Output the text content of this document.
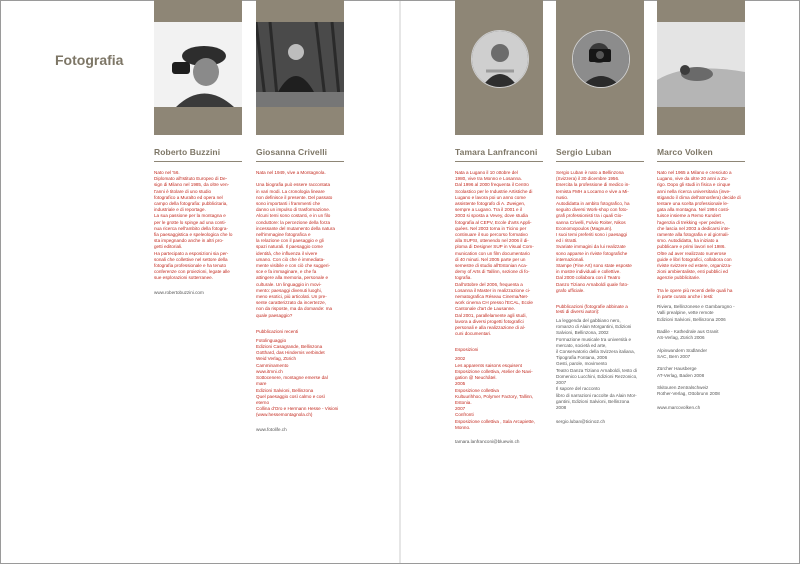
Fotografia
Roberto Buzzini

Nato nel '56.
Diplomato all'Istituto Europeo di De-
sign di Milano nel 1985, da oltre ven-
t'anni è titolare di uno studio
fotografico a Muralto ed opera nel
campo della fotografia: pubblicitaria,
industriale e di reportage.
La sua passione per la montagna e
per le grotte lo spinge ad una conti-
nua ricerca nell'ambito della fotogra-
fia paesaggistica e speleologica che lo
sta impegnando anche in altri pro-
getti editoriali.
Ha partecipato a esposizioni sia per-
sonali che collettive nel settore della
fotografia professionale e ha tenuto
conferenze con proiezioni, legate alle
sue esplorazioni sotterranee.

www.robertobuzzini.com

Giosanna Crivelli

Nata nel 1949, vive a Montagnola.

Una biografia può essere raccontata
in vari modi. La cronologia lineare
non definisce il presente. Del passato
sono importanti i frammenti che
danno un impulso di trasformazione.
Alcuni temi sono costanti, e in un filo
conduttore: la percezione della forza
incessante del mutamento della natura
nell'immagine fotografica e
la relazione con il paesaggio e gli
spazi naturali. Il paesaggio come
identità, che influenza il vivere
umano. Con ciò che è immediata-
mente visibile e con ciò che suggeri-
sce e fa immaginare, e che fa
attingere alla memoria, personale e
culturale. Un linguaggio in movi-
mento: paesaggi divenuti luoghi,
meno esotici, più articolati. Un pre-
sente caratterizzato da incertezze,
non da risposte, ma da domande: ma
quale paesaggio?

Pubblicazioni recenti

Fotolinguaggio
Edizioni Casagrande, Bellinzona
Gotthard, das Hindernis verbindet
Weid Verlag, Zürich
Camminamento
www.itmni.ch
Sottocenere, montagne emerse dal
mare
Edizioni Salvioni, Bellinzona
Quel paesaggio così calmo e così
eterno
Collina d'Oro e Hermann Hesse - Visioni
(www.hessemontagnola.ch)

www.fotolife.ch

Tamara Lanfranconi

Nata a Lugano il 10 ottobre del
1980, vive tra Monno e Losanna.
Dal 1996 al 2000 frequenta il Centro
Scolastico per le Industrie Artistiche di
Lugano e lavora poi un anno come
assistente fotografo di A. Zweigen,
sempre a Lugano. Tra il 2001 e il
2003 si sposta a Vevey, dove studia
fotografia al CEPV, Ecole d'arts Appli-
quées. Nel 2003 torna in Ticino per
continuare il suo percorso formativo
alla SUPSI, ottenendo nel 2006 il di-
ploma di Designer SUP in Visual Com-
munication con un film documentario
di 40 minuti. Nel 2005 parte per un
semestre di studio all'Estonian Aca-
demy of Arts di Tallinn, sezione di fo-
tografia.
Dall'ottobre del 2006, frequenta a
Losanna il Master in realizzazione ci-
nematografica Réseau Cinema/Net-
work cinema CH presso l'ECAL, Ecole
Cantonale d'art de Lausanne.
Dal 2001, parallelamente agli studi,
lavora a diversi progetti fotografici
personali e alla realizzazione di al-
cuni documentari.

Esposizioni

2002
Les apparents saisons esquisent
Esposizione collettiva, Atelier de Navi-
gation @ Neuchâtel.
2005
Esposizione collettiva
Kultuurihhoo, Polymer Factory, Tallinn,
Estonia.
2007
Confronti
Esposizione collettiva , Sala Arcapiette,
Monno.

tamara.lanfranconi@bluewin.ch

Sergio Luban

Sergio Luban è nato a Bellinzona
(Svizzera) il 30 dicembre 1956.
Esercita la professione di medico in-
ternista FMH a Locarno e vive a Mi-
nusio.
Autodidatta in ambito fotografico, ha
seguito diversi Work-shop con foto-
grafi professionisti tra i quali Gio-
sanna Crivelli, Fulvio Roiter, Nikos
Economopoulos (Magnum).
I suoi temi preferiti sono i paesaggi
ed i ritratti.
Svariate immagini da lui realizzate
sono apparse in riviste fotografiche
internazionali.
Stampe (Fine Art) sono state esposte
in mostre individuali e collettive.
Dal 2000 collabora con il Teatro
Danzo Tiziano Arnaboldi quale foto-
grafo ufficiale.

Pubblicazioni (fotografie abbinate a
testi di diversi autori):

La leggenda del gabbiano nero,
romanzo di Alain Morgantini, Edizioni
Salvioni, Bellinzona, 2002
Formazione musicale tra università e
mercato, società ed arte,
il Conservatorio della Svizzera italiana,
Tipografia Fontana, 2006
Gesti, parole, movimento
Teatro Danza Tiziano Arnaboldi, testo di
Domenico Lucchini, Edizioni Rezzonico,
2007
Il sapore del racconto
libro di narrazioni raccolte da Alain Mor-
gantini, Edizioni Salvioni, Bellinzona
2008

sergio.luban@ticino2.ch

Marco Volken

Nato nel 1965 a Milano e cresciuto a
Lugano, vive da oltre 20 anni a Zu-
rigo. Dopo gli studi in fisica e cinque
anni nella ricerca universitaria (inve-
stigando il clima dell'atmosfera) decide di
tentare una scelta professionale le-
gata alla montagna. Nel 1994 costi-
tuisce insieme a Remo Kundert
l'agenzia di trekking «per pedes»,
che lascia nel 2003 a dedicarsi inte-
ramente alla fotografia e al giornali-
smo. Autodidatta, ha iniziato a
pubblicare e primi lavori nel 1986.
Oltre ad aver realizzato numerose
guide e libri fotografici, collabora con
riviste svizzere ed estere, organizza-
zioni ambientaliste, enti pubblici ed
agenzie pubblicitarie.

Tra le opere più recenti delle quali ha
in parte curato anche i testi:

Riviera, Bellinzonese e Gambarogno -
Valli prealpine, vette remote
Edizioni Salvioni, Bellinzona 2006

Badile - Kathedrale aus Granit
AS-Verlag, Zürich 2006

Alpinwandern Südländer
SAC, Bern 2007

Zürcher Hausberge
AT-Verlag, Baden 2008

Skitouren Zentralschweiz
Rother-Verlag, Ottobrunn 2008

www.marcovolken.ch
